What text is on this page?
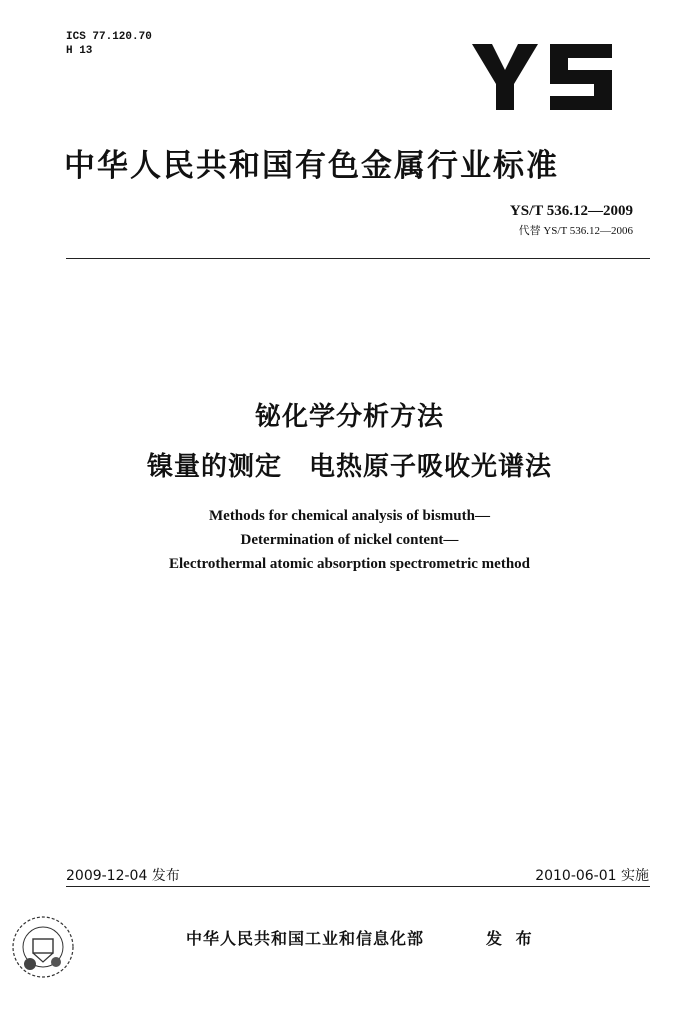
ICS 77.120.70
H 13
中华人民共和国有色金属行业标准
YS/T 536.12—2009
代替 YS/T 536.12—2006
铋化学分析方法
镍量的测定　电热原子吸收光谱法
Methods for chemical analysis of bismuth—
Determination of nickel content—
Electrothermal atomic absorption spectrometric method
2009-12-04 发布	2010-06-01 实施
中华人民共和国工业和信息化部	发 布
